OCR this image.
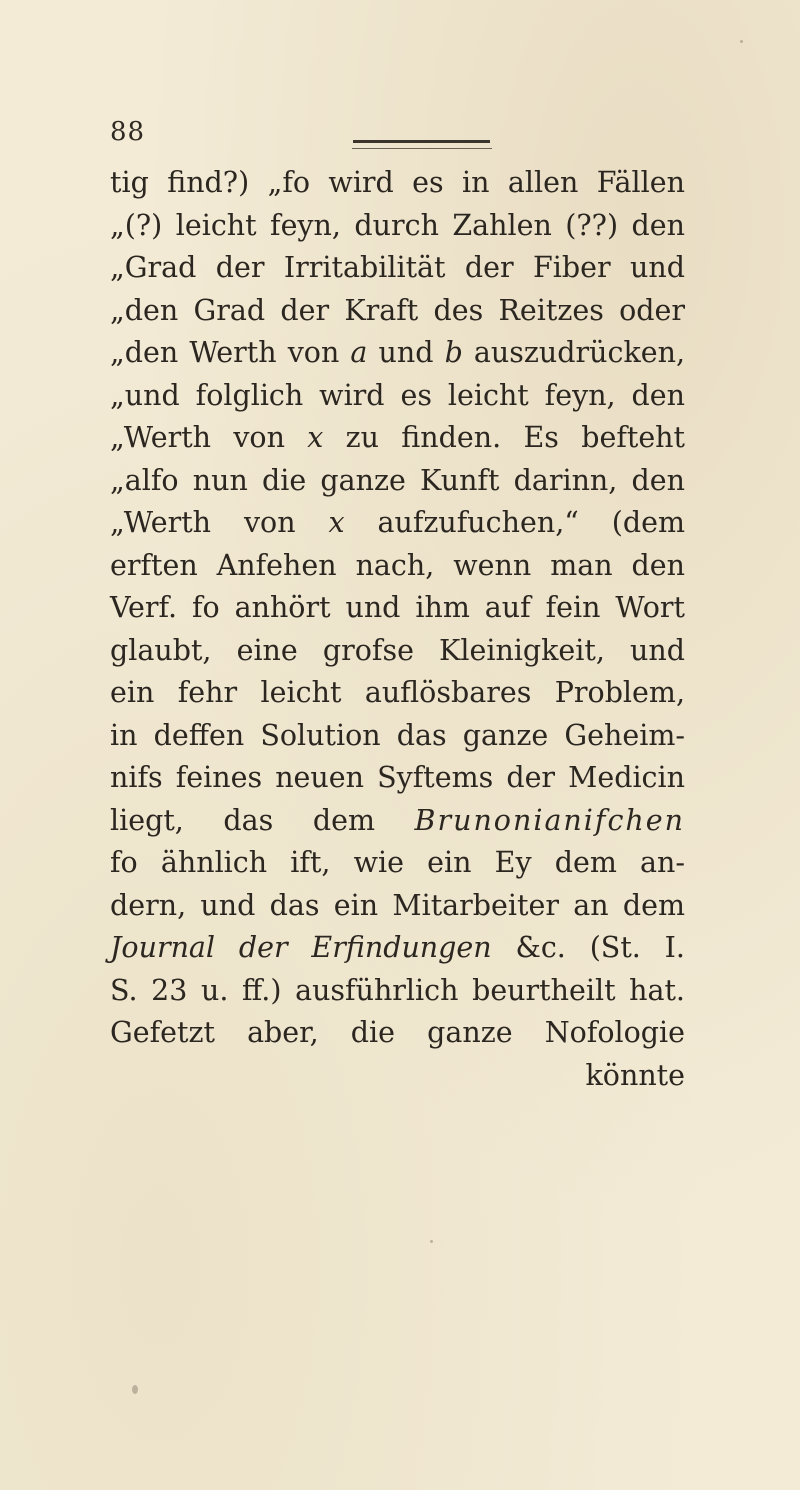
88
tig find?) „fo wird es in allen Fällen
„(?) leicht feyn, durch Zahlen (??) den
„Grad der Irritabilität der Fiber und
„den Grad der Kraft des Reitzes oder
„den Werth von a und b auszudrücken,
„und folglich wird es leicht feyn, den
„Werth von x zu finden. Es befteht
„alfo nun die ganze Kunft darinn, den
„Werth von x aufzufuchen,“ (dem
erften Anfehen nach, wenn man den
Verf. fo anhört und ihm auf fein Wort
glaubt, eine grofse Kleinigkeit, und
ein fehr leicht auflösbares Problem,
in deffen Solution das ganze Geheim-
nifs feines neuen Syftems der Medicin
liegt, das dem Brunonianifchen
fo ähnlich ift, wie ein Ey dem an-
dern, und das ein Mitarbeiter an dem
Journal der Erfindungen &c. (St. I.
S. 23 u. ff.) ausführlich beurtheilt hat.
Gefetzt aber, die ganze Nofologie
könnte
